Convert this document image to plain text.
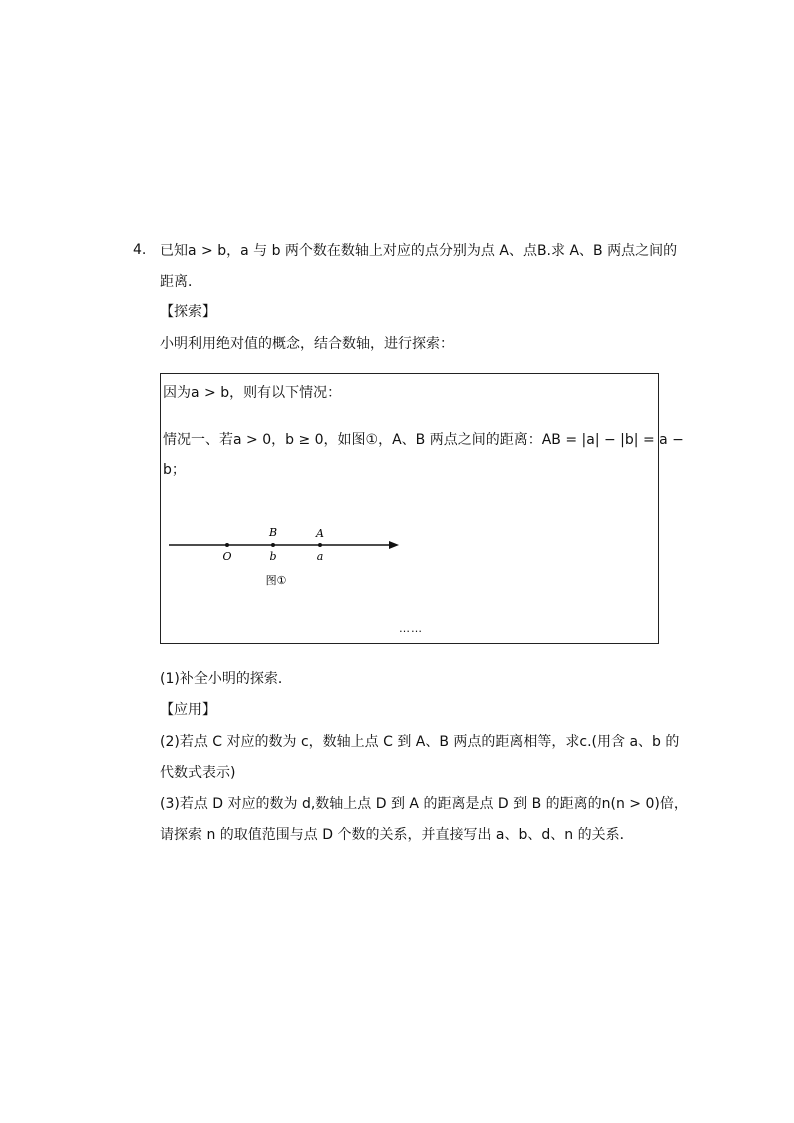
4. 已知a > b，a 与 b 两个数在数轴上对应的点分别为点 A、点B.求 A、B 两点之间的
距离．
【探索】
小明利用绝对值的概念，结合数轴，进行探索：
因为a > b，则有以下情况：
情况一、若a > 0，b ≥ 0，如图①，A、B 两点之间的距离：AB = |a| − |b| = a −
b；
B	A
O	b	a
图①
……
(1)补全小明的探索．
【应用】
(2)若点 C 对应的数为 c，数轴上点 C 到 A、B 两点的距离相等，求c.(用含 a、b 的
代数式表示)
(3)若点 D 对应的数为 d,数轴上点 D 到 A 的距离是点 D 到 B 的距离的n(n > 0)倍，
请探索 n 的取值范围与点 D 个数的关系，并直接写出 a、b、d、n 的关系．
